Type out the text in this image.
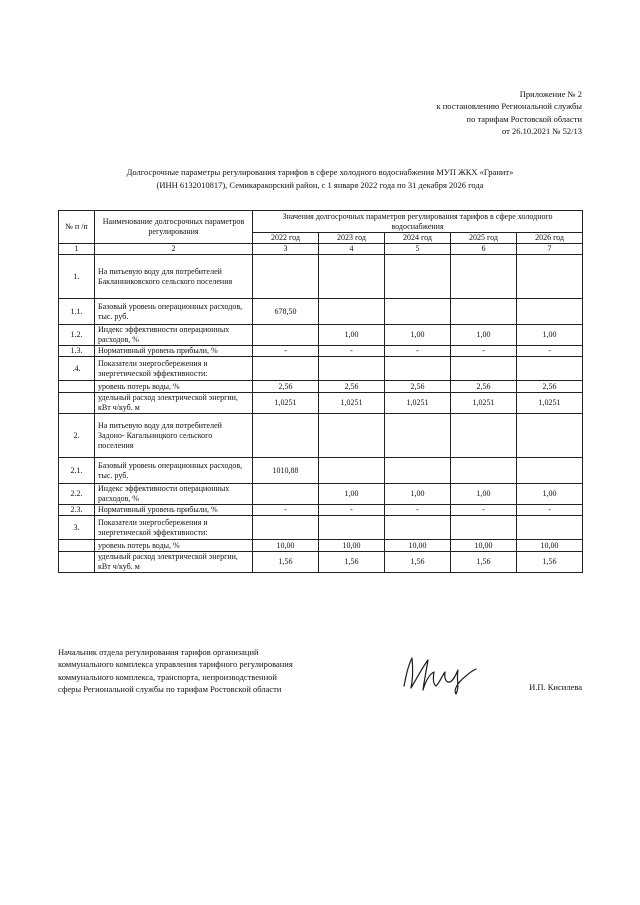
Приложение № 2
к постановлению Региональной службы
по тарифам Ростовской области
от 26.10.2021 № 52/13
Долгосрочные параметры регулирования тарифов в сфере холодного водоснабжения МУП ЖКХ «Гранит»
(ИНН 6132010817), Семикаракорский район, с 1 января 2022 года по 31 декабря 2026 года
№ п /п	Наименование долгосрочных параметров регулирования	Значения долгосрочных параметров регулирования тарифов в сфере холодного водоснабжения				
		2022 год	2023 год	2024 год	2025 год	2026 год
1	2	3	4	5	6	7
1.	На питьевую воду для потребителей Бакланниковского сельского поселения					
1.1.	Базовый уровень операционных расходов, тыс. руб.	678,50				
1.2.	Индекс эффективности операционных расходов, %		1,00	1,00	1,00	1,00
1.3.	Нормативный уровень прибыли, %	-	-	-	-	-
.4.	Показатели энергосбережения и энергетической эффективности:					
	уровень потерь воды, %	2,56	2,56	2,56	2,56	2,56
	удельный расход электрической энергии, кВт ч/куб. м	1,0251	1,0251	1,0251	1,0251	1,0251
2.	На питьевую воду для потребителей Задоно- Кагальницкого сельского поселения					
2.1.	Базовый уровень операционных расходов, тыс. руб.	1010,88				
2.2.	Индекс эффективности операционных расходов, %		1,00	1,00	1,00	1,00
2.3.	Нормативный уровень прибыли, %	-	-	-	-	-
3.	Показатели энергосбережения и энергетической эффективности:					
	уровень потерь воды, %	10,00	10,00	10,00	10,00	10,00
	удельный расход электрической энергии, кВт ч/куб. м	1,56	1,56	1,56	1,56	1,56
Начальник отдела регулирования тарифов организаций
коммунального комплекса управления тарифного регулирования
коммунального комплекса, транспорта, непроизводственной
сферы Региональной службы по тарифам Ростовской области	И.П. Кисилева
